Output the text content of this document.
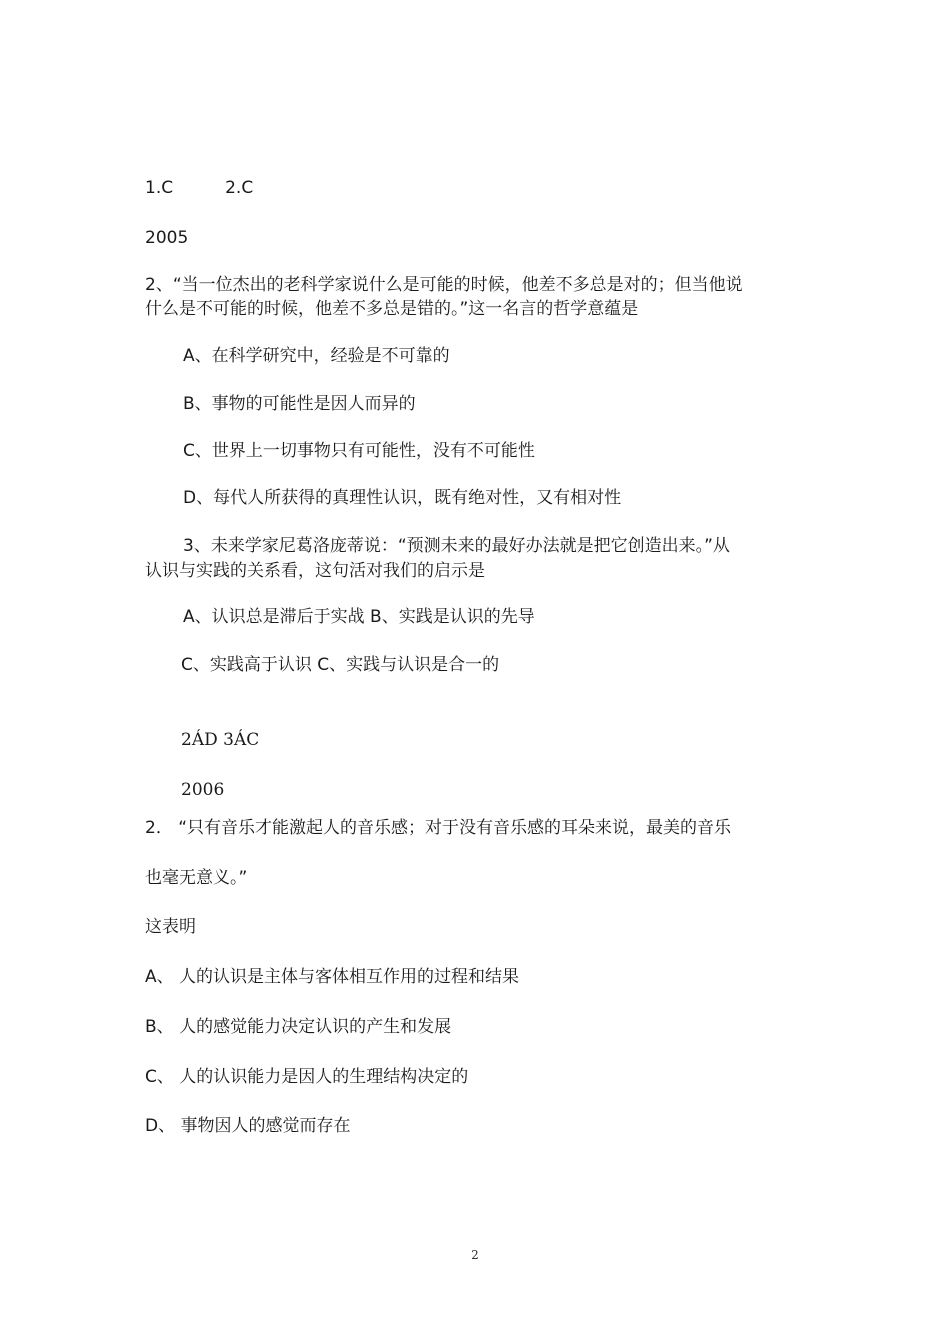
1.C	2.C
2005
2、“当一位杰出的老科学家说什么是可能的时候，他差不多总是对的；但当他说
什么是不可能的时候，他差不多总是错的。”这一名言的哲学意蕴是
A、在科学研究中，经验是不可靠的
B、事物的可能性是因人而异的
C、世界上一切事物只有可能性，没有不可能性
D、每代人所获得的真理性认识，既有绝对性，又有相对性
3、未来学家尼葛洛庞蒂说：“预测未来的最好办法就是把它创造出来。”从
认识与实践的关系看，这句活对我们的启示是
A、认识总是滞后于实战 B、实践是认识的先导
C、实践高于认识 C、实践与认识是合一的
2ÁD 3ÁC
2006
2． “只有音乐才能激起人的音乐感；对于没有音乐感的耳朵来说，最美的音乐
也毫无意义。”
这表明
A、 人的认识是主体与客体相互作用的过程和结果
B、 人的感觉能力决定认识的产生和发展
C、 人的认识能力是因人的生理结构决定的
D、 事物因人的感觉而存在
2
